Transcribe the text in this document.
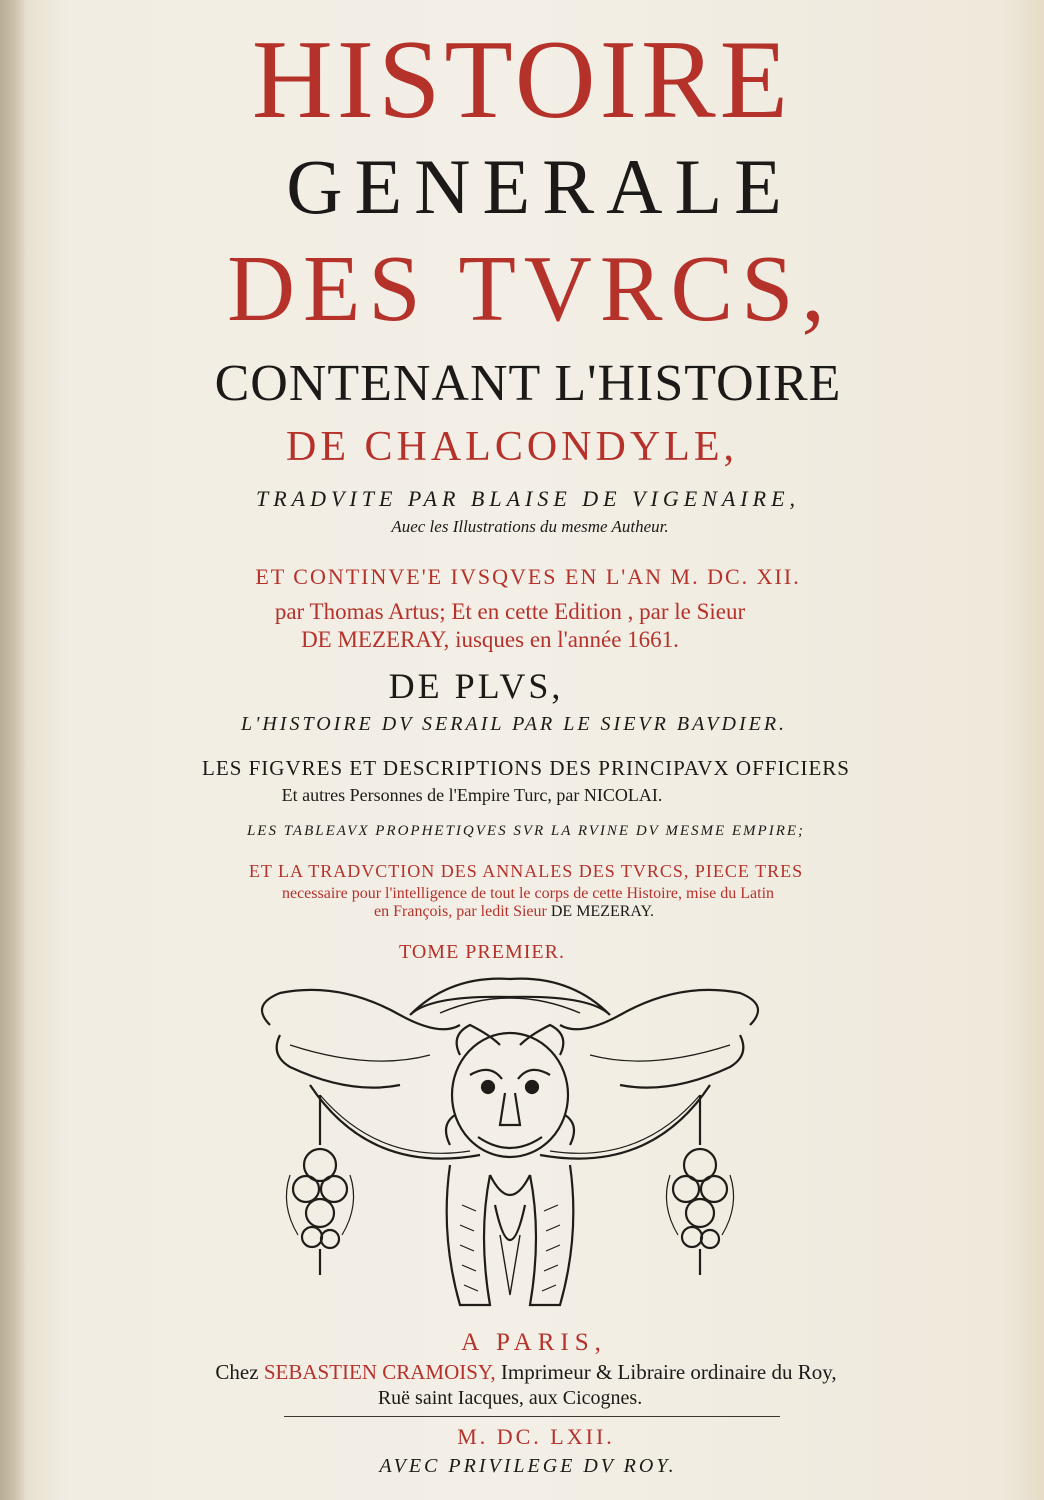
HISTOIRE

GENERALE

DES TVRCS,

CONTENANT L'HISTOIRE

DE CHALCONDYLE,

TRADVITE PAR BLAISE DE VIGENAIRE,

Auec les Illustrations du mesme Autheur.

ET CONTINVE'E IVSQVES EN L'AN M. DC. XII.

par Thomas Artus; Et en cette Edition , par le Sieur

DE MEZERAY, iusques en l'année 1661.

DE PLVS,

L'HISTOIRE DV SERAIL PAR LE SIEVR BAVDIER.

LES FIGVRES ET DESCRIPTIONS DES PRINCIPAVX OFFICIERS

Et autres Personnes de l'Empire Turc, par NICOLAI.

LES TABLEAVX PROPHETIQVES SVR LA RVINE DV MESME EMPIRE;

ET LA TRADVCTION DES ANNALES DES TVRCS, PIECE TRES

necessaire pour l'intelligence de tout le corps de cette Histoire, mise du Latin

en François, par ledit Sieur DE MEZERAY.

TOME PREMIER.

A PARIS,

Chez SEBASTIEN CRAMOISY, Imprimeur & Libraire ordinaire du Roy,

Ruë saint Iacques, aux Cicognes.

M. DC. LXII.

AVEC PRIVILEGE DV ROY.
